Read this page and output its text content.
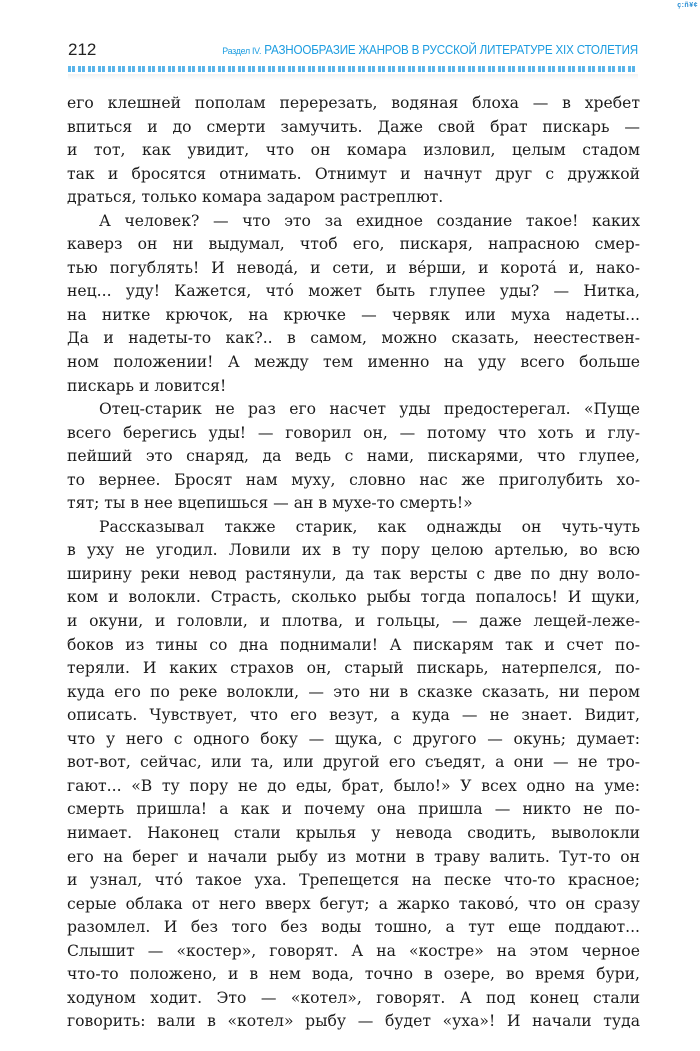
ç:ñ¥¢
212	Раздел IV. РАЗНООБРАЗИЕ ЖАНРОВ В РУССКОЙ ЛИТЕРАТУРЕ XIX СТОЛЕТИЯ
его клешней пополам перерезать, водяная блоха — в хребет
впиться и до смерти замучить. Даже свой брат пискарь —
и тот, как увидит, что он комара изловил, целым стадом
так и бросятся отнимать. Отнимут и начнут друг с дружкой
драться, только комара задаром растреплют.
А человек? — что это за ехидное создание такое! каких
каверз он ни выдумал, чтоб его, пискаря, напрасною смер-
тью погублять! И невода́, и сети, и ве́рши, и корота́ и, нако-
нец... уду! Кажется, что́ может быть глупее уды? — Нитка,
на нитке крючок, на крючке — червяк или муха надеты...
Да и надеты-то как?.. в самом, можно сказать, неестествен-
ном положении! А между тем именно на уду всего больше
пискарь и ловится!
Отец-старик не раз его насчет уды предостерегал. «Пуще
всего берегись уды! — говорил он, — потому что хоть и глу-
пейший это снаряд, да ведь с нами, пискарями, что глупее,
то вернее. Бросят нам муху, словно нас же приголубить хо-
тят; ты в нее вцепишься — ан в мухе-то смерть!»
Рассказывал также старик, как однажды он чуть-чуть
в уху не угодил. Ловили их в ту пору целою артелью, во всю
ширину реки невод растянули, да так версты с две по дну воло-
ком и волокли. Страсть, сколько рыбы тогда попалось! И щуки,
и окуни, и головли, и плотва, и гольцы, — даже лещей-лежe-
боков из тины со дна поднимали! А пискарям так и счет по-
теряли. И каких страхов он, старый пискарь, натерпелся, по-
куда его по реке волокли, — это ни в сказке сказать, ни пером
описать. Чувствует, что его везут, а куда — не знает. Видит,
что у него с одного боку — щука, с другого — окунь; думает:
вот-вот, сейчас, или та, или другой его съедят, а они — не тро-
гают... «В ту пору не до еды, брат, было!» У всех одно на уме:
смерть пришла! а как и почему она пришла — никто не по-
нимает. Наконец стали крылья у невода сводить, выволокли
его на берег и начали рыбу из мотни в траву валить. Тут-то он
и узнал, что́ такое уха. Трепещется на песке что-то красное;
серые облака от него вверх бегут; а жарко таково́, что он сразу
разомлел. И без того без воды тошно, а тут еще поддают...
Слышит — «костер», говорят. А на «костре» на этом черное
что-то положено, и в нем вода, точно в озере, во время бури,
ходуном ходит. Это — «котел», говорят. А под конец стали
говорить: вали в «котел» рыбу — будет «уха»! И начали туда
